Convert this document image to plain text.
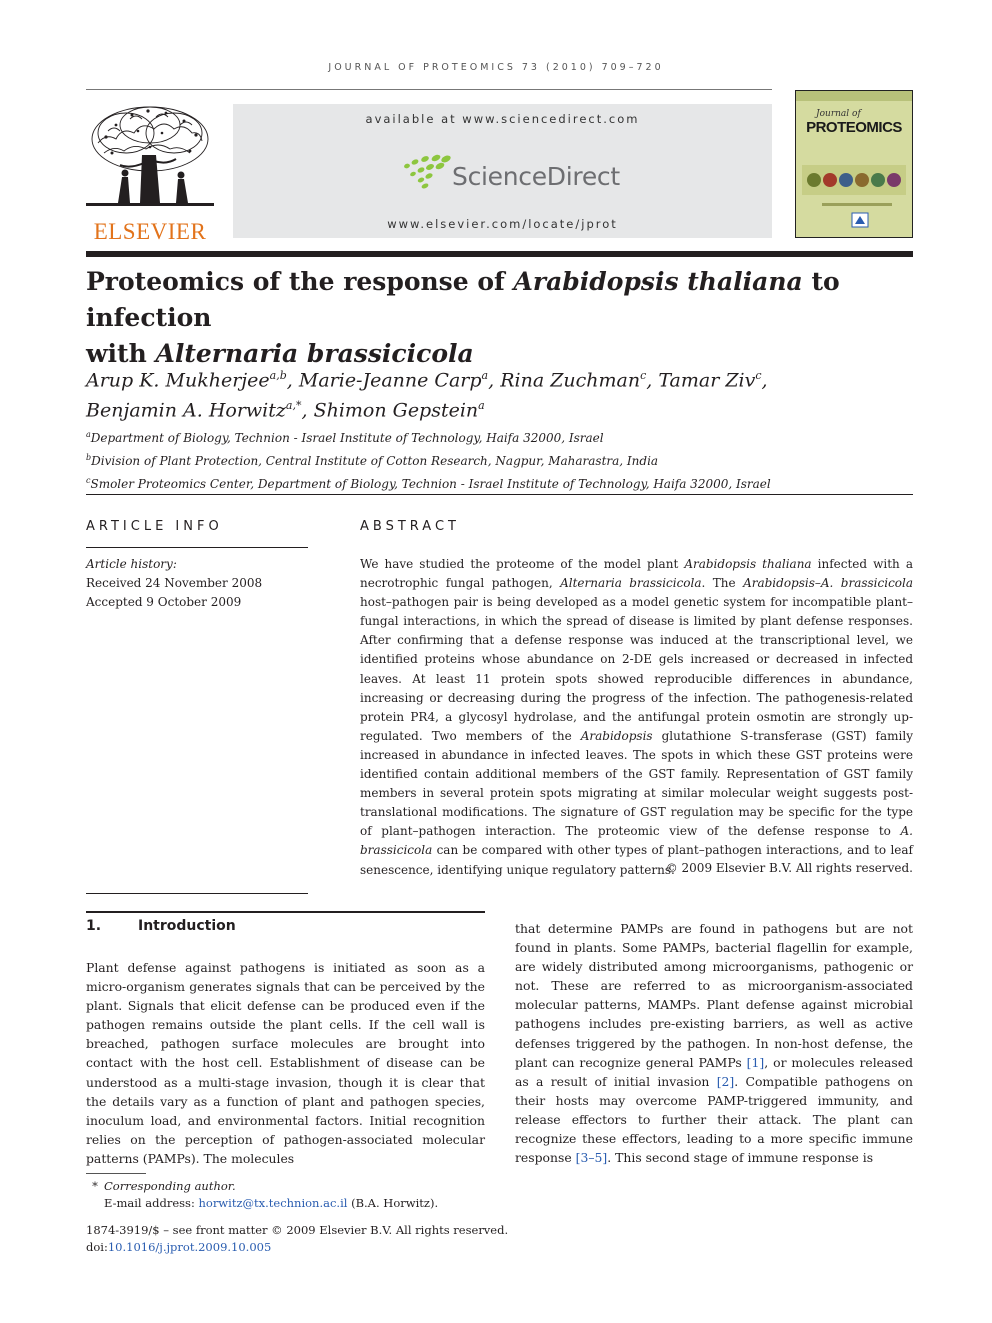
JOURNAL OF PROTEOMICS 73 (2010) 709–720
ELSEVIER
available at www.sciencedirect.com
ScienceDirect
www.elsevier.com/locate/jprot
Journal of
PROTEOMICS
Proteomics of the response of Arabidopsis thaliana to infection
with Alternaria brassicicola
Arup K. Mukherjee$^{a,b}$, Marie-Jeanne Carp$^a$, Rina Zuchman$^c$, Tamar Ziv$^c$,
Benjamin A. Horwitz$^{a,*}$, Shimon Gepstein$^a$
$^a$Department of Biology, Technion - Israel Institute of Technology, Haifa 32000, Israel
$^b$Division of Plant Protection, Central Institute of Cotton Research, Nagpur, Maharastra, India
$^c$Smoler Proteomics Center, Department of Biology, Technion - Israel Institute of Technology, Haifa 32000, Israel
ARTICLE INFO
Article history:
Received 24 November 2008
Accepted 9 October 2009
ABSTRACT
We have studied the proteome of the model plant Arabidopsis thaliana infected with a necrotrophic fungal pathogen, Alternaria brassicicola. The Arabidopsis–A. brassicicola host–pathogen pair is being developed as a model genetic system for incompatible plant–fungal interactions, in which the spread of disease is limited by plant defense responses. After confirming that a defense response was induced at the transcriptional level, we identified proteins whose abundance on 2-DE gels increased or decreased in infected leaves. At least 11 protein spots showed reproducible differences in abundance, increasing or decreasing during the progress of the infection. The pathogenesis-related protein PR4, a glycosyl hydrolase, and the antifungal protein osmotin are strongly up-regulated. Two members of the Arabidopsis glutathione S-transferase (GST) family increased in abundance in infected leaves. The spots in which these GST proteins were identified contain additional members of the GST family. Representation of GST family members in several protein spots migrating at similar molecular weight suggests post-translational modifications. The signature of GST regulation may be specific for the type of plant–pathogen interaction. The proteomic view of the defense response to A. brassicicola can be compared with other types of plant–pathogen interactions, and to leaf senescence, identifying unique regulatory patterns.
© 2009 Elsevier B.V. All rights reserved.
1.	Introduction
Plant defense against pathogens is initiated as soon as a micro-organism generates signals that can be perceived by the plant. Signals that elicit defense can be produced even if the pathogen remains outside the plant cells. If the cell wall is breached, pathogen surface molecules are brought into contact with the host cell. Establishment of disease can be understood as a multi-stage invasion, though it is clear that the details vary as a function of plant and pathogen species, inoculum load, and environmental factors. Initial recognition relies on the perception of pathogen-associated molecular patterns (PAMPs). The molecules
that determine PAMPs are found in pathogens but are not found in plants. Some PAMPs, bacterial flagellin for example, are widely distributed among microorganisms, pathogenic or not. These are referred to as microorganism-associated molecular patterns, MAMPs. Plant defense against microbial pathogens includes pre-existing barriers, as well as active defenses triggered by the pathogen. In non-host defense, the plant can recognize general PAMPs [1], or molecules released as a result of initial invasion [2]. Compatible pathogens on their hosts may overcome PAMP-triggered immunity, and release effectors to further their attack. The plant can recognize these effectors, leading to a more specific immune response [3–5]. This second stage of immune response is
* Corresponding author.
E-mail address: horwitz@tx.technion.ac.il (B.A. Horwitz).
1874-3919/$ – see front matter © 2009 Elsevier B.V. All rights reserved.
doi:10.1016/j.jprot.2009.10.005
